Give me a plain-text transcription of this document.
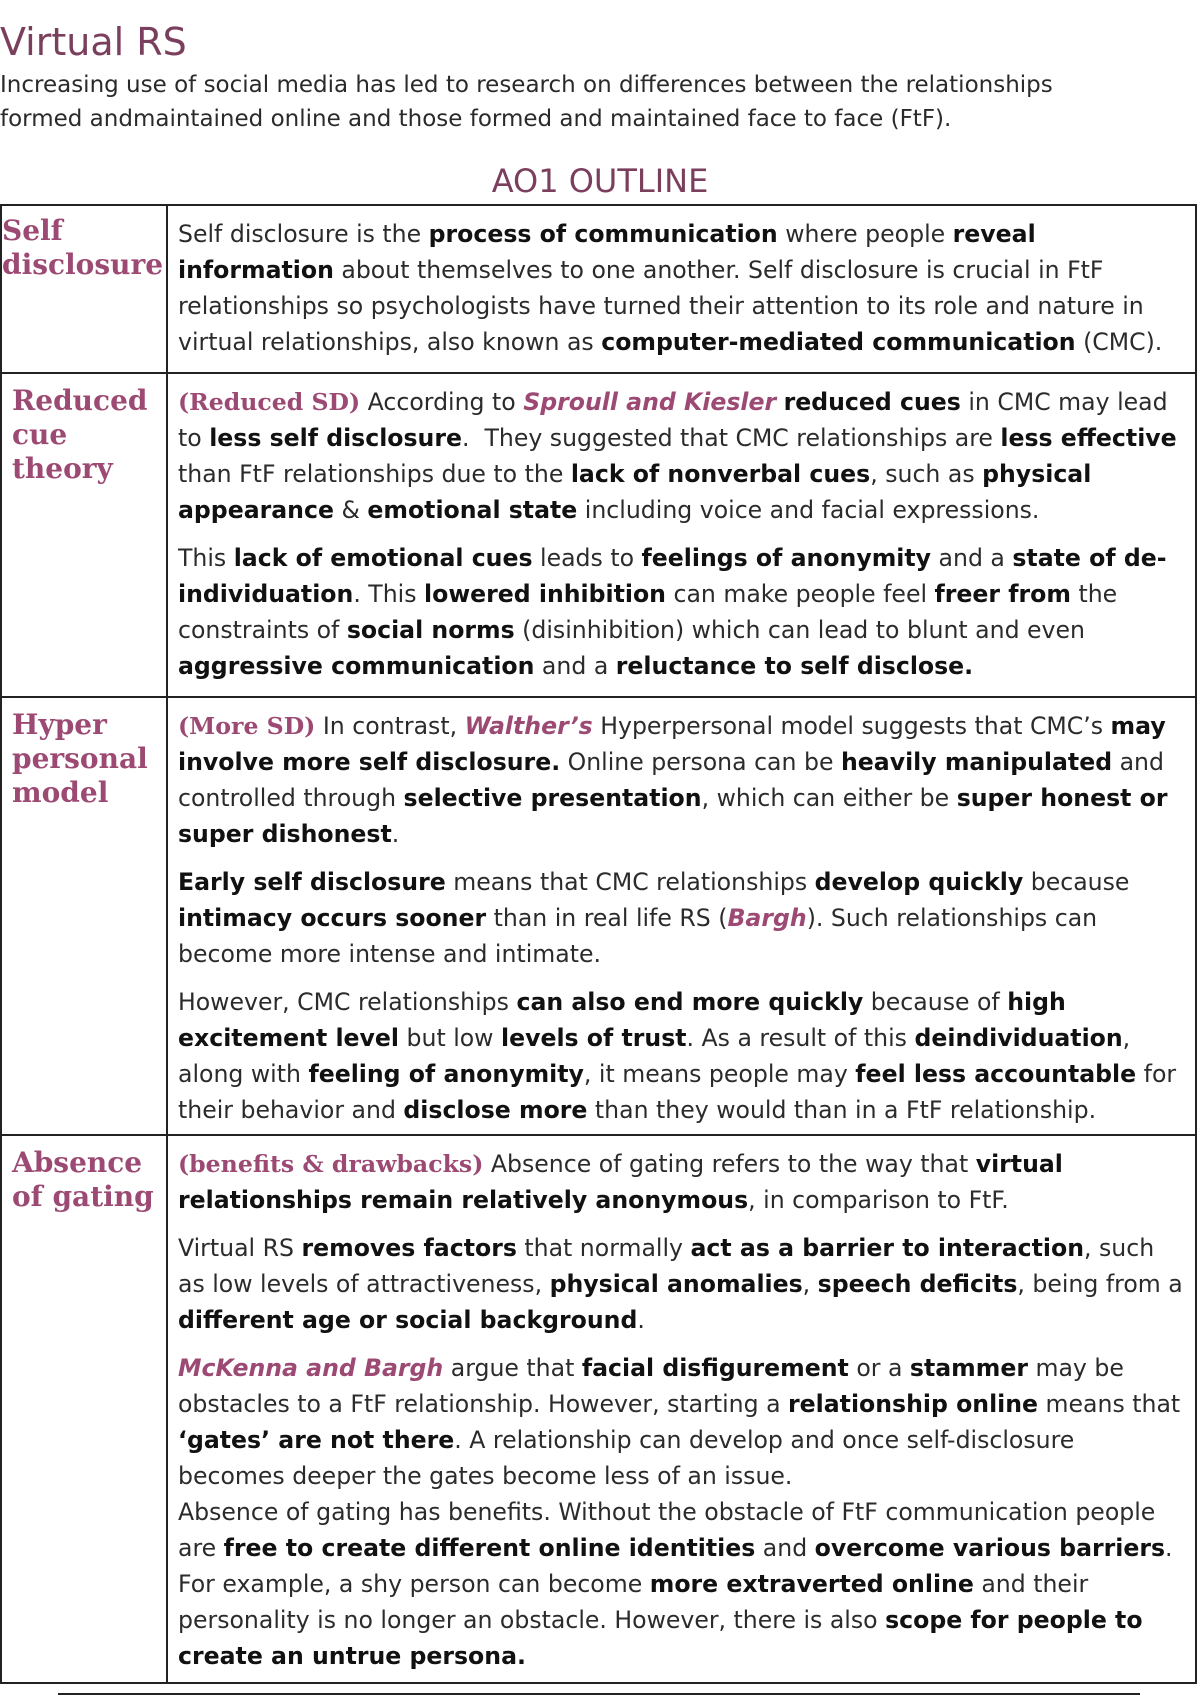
Virtual RS

Increasing use of social media has led to research on differences between the relationships formed andmaintained online and those formed and maintained face to face (FtF).

AO1 OUTLINE
Self disclosure	Self disclosure is the process of communication where people reveal information about themselves to one another. Self disclosure is crucial in FtF relationships so psychologists have turned their attention to its role and nature in virtual relationships, also known as computer-mediated communication (CMC).

Reduced cue theory	(Reduced SD) According to Sproull and Kiesler reduced cues in CMC may lead to less self disclosure.  They suggested that CMC relationships are less effective than FtF relationships due to the lack of nonverbal cues, such as physical appearance & emotional state including voice and facial expressions.

This lack of emotional cues leads to feelings of anonymity and a state of de-individuation. This lowered inhibition can make people feel freer from the constraints of social norms (disinhibition) which can lead to blunt and even aggressive communication and a reluctance to self disclose.

Hyper personal model	(More SD) In contrast, Walther’s Hyperpersonal model suggests that CMC’s may involve more self disclosure. Online persona can be heavily manipulated and controlled through selective presentation, which can either be super honest or super dishonest.

Early self disclosure means that CMC relationships develop quickly because intimacy occurs sooner than in real life RS (Bargh). Such relationships can become more intense and intimate.

However, CMC relationships can also end more quickly because of high excitement level but low levels of trust. As a result of this deindividuation, along with feeling of anonymity, it means people may feel less accountable for their behavior and disclose more than they would than in a FtF relationship.

Absence of gating	(benefits & drawbacks) Absence of gating refers to the way that virtual relationships remain relatively anonymous, in comparison to FtF.

Virtual RS removes factors that normally act as a barrier to interaction, such as low levels of attractiveness, physical anomalies, speech deficits, being from a different age or social background.

McKenna and Bargh argue that facial disfigurement or a stammer may be obstacles to a FtF relationship. However, starting a relationship online means that ‘gates’ are not there. A relationship can develop and once self-disclosure becomes deeper the gates become less of an issue.

Absence of gating has benefits. Without the obstacle of FtF communication people are free to create different online identities and overcome various barriers. For example, a shy person can become more extraverted online and their personality is no longer an obstacle. However, there is also scope for people to create an untrue persona.
